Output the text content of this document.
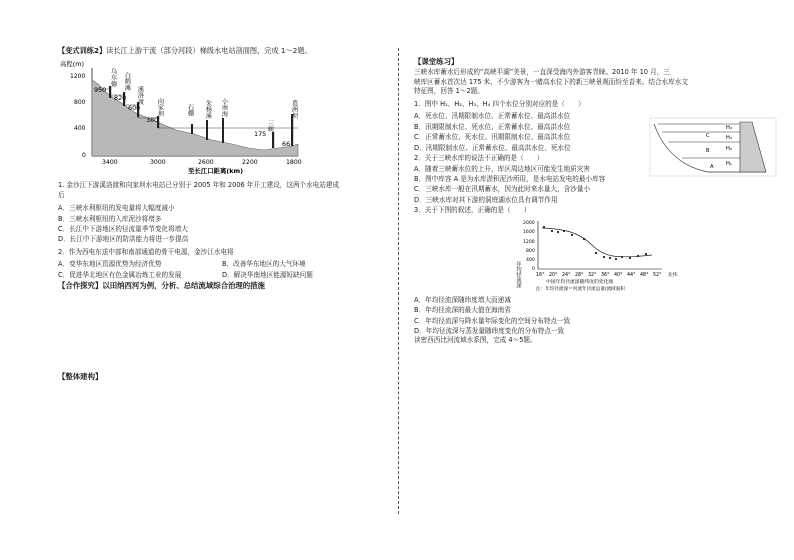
【变式训练2】读长江上游干流（部分河段）梯级水电站剖面图，完成 1～2题。
高程(m)
1200
800
400
0
乌东德 白鹤滩
溪洛渡
向家坝	石棚 朱杨溪 小南海
三峡
葛洲坝
950
820
600
380
175
66
3400	3000	2600	2200	1800
至长江口距离(km)
1. 金沙江下游溪洛渡和向家坝水电站已分别于 2005 年和 2006 年开工建设，这两个水电站建成
后
A．三峡水利枢纽的发电量将大幅度减小
B．三峡水利枢纽的入库泥沙将增多
C．长江中下游地区的径流量季节变化将增大
D．长江中下游地区的防洪能力将进一步提高
2．作为西电东送中部和南部通道的骨干电源，金沙江水电将
A．变华东地区资源优势为经济优势	B．改善华东地区的大气环境
C．促进华北地区有色金属冶炼工业的发展	D．解决华南地区能源短缺问题
【合作探究】以田纳西河为例，分析、总结流域综合治理的措施
【整体建构】
【课堂练习】
三峡水库蓄水后形成的“高峡平湖”美景，一直深受海内外游客青睐。2010 年 10 月，三
峡库区蓄水首次达 175 米，不少游客为一睹高水位下的新三峡景观而纷至沓来。结合水库水文
特征图，回答 1～2题。
1．图中 H₁、H₂、H₃、H₄ 四个水位分别对应的是（　　）
A．死水位、汛期限制水位、正常蓄水位、最高洪水位
B．汛期限制水位、死水位、正常蓄水位、最高洪水位
C．正常蓄水位、死水位、汛期限制水位、最高洪水位
D．汛期限制水位、正常蓄水位、最高洪水位、死水位
2．关于三峡水库的说法不正确的是（　　）
A．随着三峡蓄水位的上升，库区周边地区可能发生地质灾害
B．图中库容 A 是为水库淤积泥沙所用，是水电站发电的最小库容
C．三峡水库一般在汛期蓄水，因为此时来水量大，含沙量小
D．三峡水库对其下游的洞庭湖水位具有调节作用
3．关于下图的叙述，正确的是（　　）
年均径流深
2000
1600
1200
800
400
0
16° 20° 24° 28° 32° 36° 40° 44° 48° 52° 北纬
中国年均径流深随纬度的变化图
注：年均径流深＝河流年径流总量/流域面积
A．年均径流深随纬度增大而递减
B．年均径流深的最大值在海南省
C．年均径流深与降水量年际变化的空间分布特点一致
D．年均径流深与蒸发量随纬度变化的分布特点一致
读密西西比河流域水系图，完成 4～5题。
H₄
H₃
H₂
H₁
A
B
C
